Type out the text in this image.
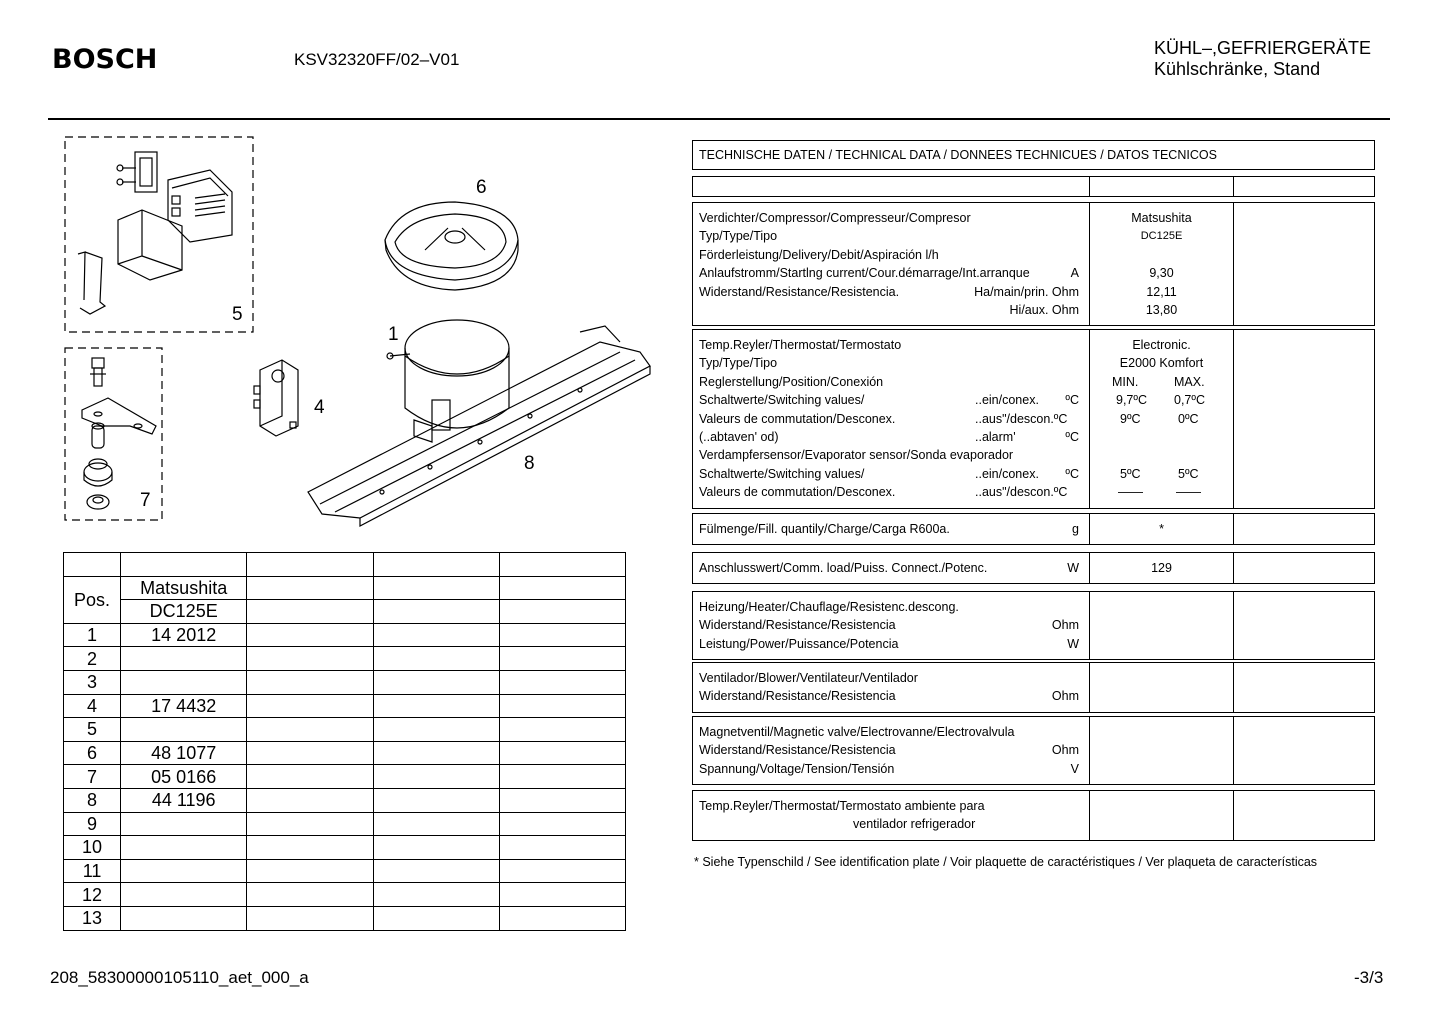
BOSCH	KSV32320FF/02–V01
KÜHL–,GEFRIERGERÄTE
Kühlschränke, Stand
6
5
1
4
8
7

Pos.	Matsushita			
	DC125E			
1	14 2012			
2				
3				
4	17 4432			
5				
6	48 1077			
7	05 0166			
8	44 1196			
9				
10				
11				
12				
13				
TECHNISCHE DATEN / TECHNICAL DATA / DONNEES TECHNICUES / DATOS TECNICOS
Verdichter/Compressor/Compresseur/Compresor	Matsushita
Typ/Type/Tipo	DC125E
Förderleistung/Delivery/Debit/Aspiración l/h
Anlaufstromm/Startlng current/Cour.démarrage/Int.arranque	A	9,30
Widerstand/Resistance/Resistencia.	Ha/main/prin. Ohm	12,11
Hi/aux. Ohm	13,80
Temp.Reyler/Thermostat/Termostato	Electronic.
Typ/Type/Tipo	E2000 Komfort
Reglerstellung/Position/Conexión	MIN.	MAX.
Schaltwerte/Switching values/	..ein/conex. ºC	9,7ºC 0,7ºC
Valeurs de commutation/Desconex.	..aus"/descon.ºC	9ºC	0ºC
(..abtaven' od)	..alarm'	ºC
Verdampfersensor/Evaporator sensor/Sonda evaporador
Schaltwerte/Switching values/	..ein/conex. ºC	5ºC	5ºC
Valeurs de commutation/Desconex.	..aus"/descon.ºC	——	——
Fülmenge/Fill. quantily/Charge/Carga R600a.	g	*
Anschlusswert/Comm. load/Puiss. Connect./Potenc.	W	129
Heizung/Heater/Chauflage/Resistenc.descong.
Widerstand/Resistance/Resistencia	Ohm
Leistung/Power/Puissance/Potencia	W
Ventilador/Blower/Ventilateur/Ventilador
Widerstand/Resistance/Resistencia	Ohm
Magnetventil/Magnetic valve/Electrovanne/Electrovalvula
Widerstand/Resistance/Resistencia	Ohm
Spannung/Voltage/Tension/Tensión	V
Temp.Reyler/Thermostat/Termostato ambiente para
ventilador refrigerador
* Siehe Typenschild / See identification plate / Voir plaquette de caractéristiques / Ver plaqueta de características
208_58300000105110_aet_000_a	-3/3
